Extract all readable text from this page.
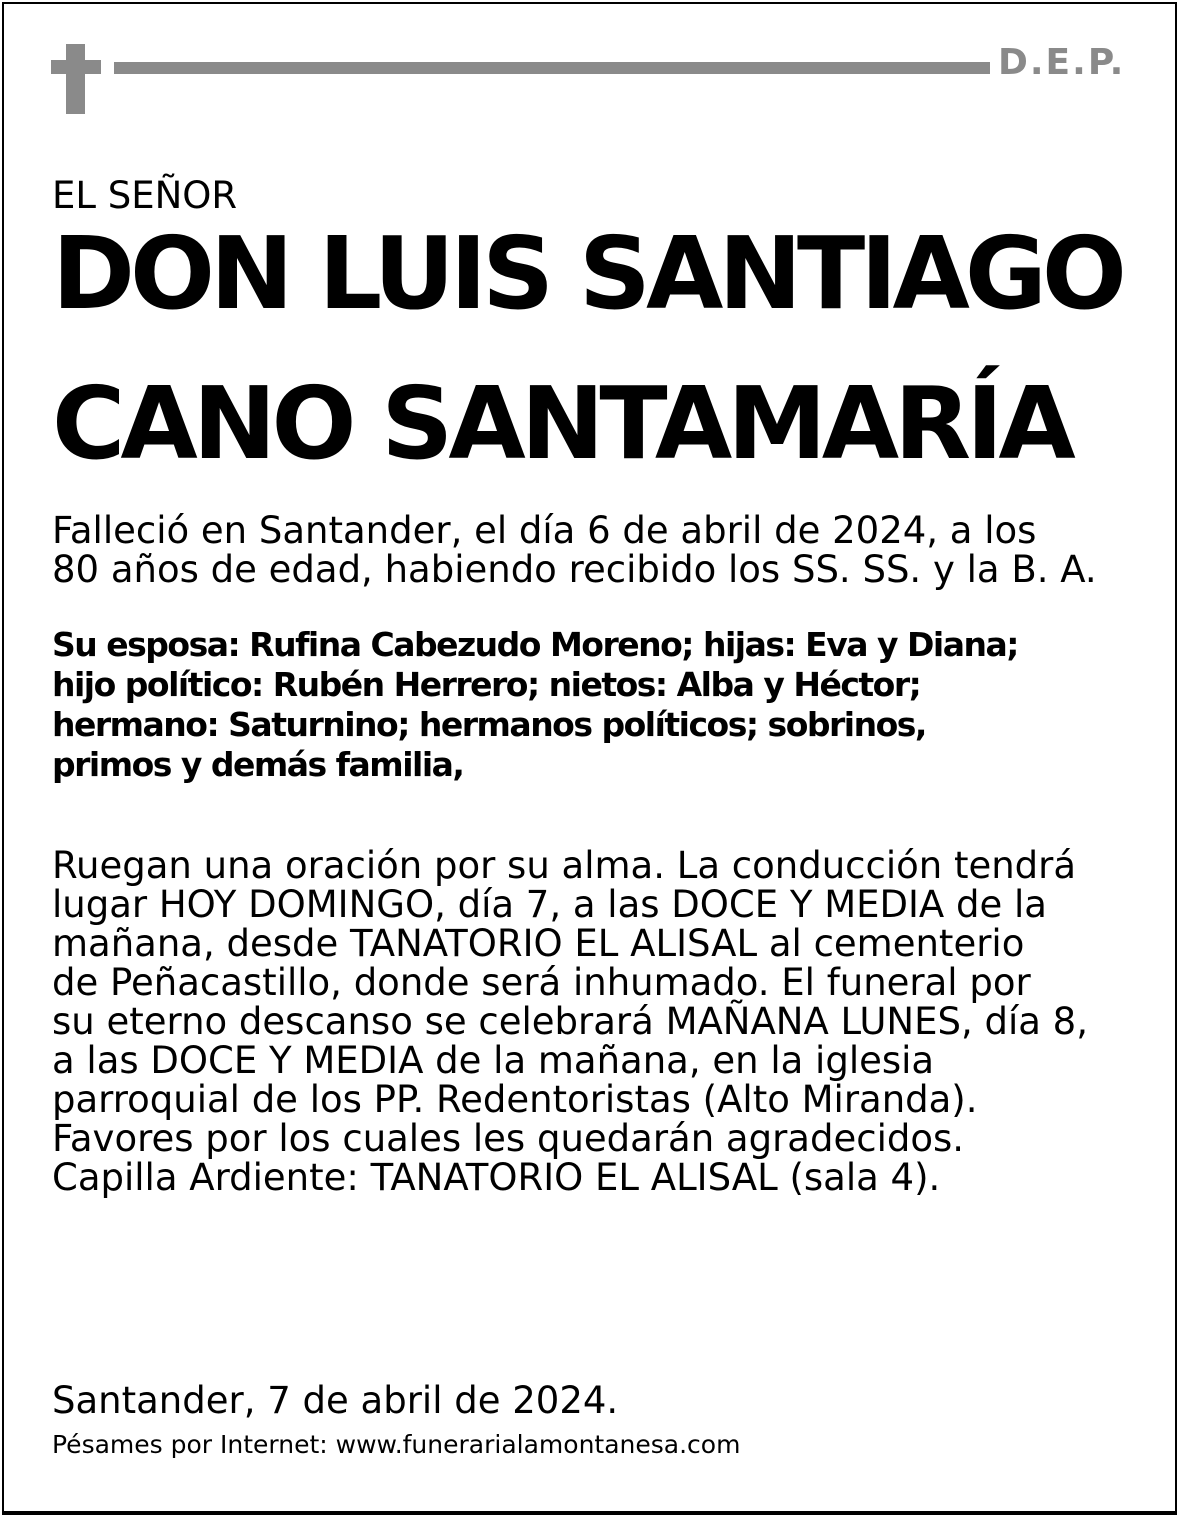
D.E.P.
EL SEÑOR
DON LUIS SANTIAGO
CANO SANTAMARÍA
Falleció en Santander, el día 6 de abril de 2024, a los
80 años de edad, habiendo recibido los SS. SS. y la B. A.
Su esposa: Rufina Cabezudo Moreno; hijas: Eva y Diana;
hijo político: Rubén Herrero; nietos: Alba y Héctor;
hermano: Saturnino; hermanos políticos; sobrinos,
primos y demás familia,
Ruegan una oración por su alma. La conducción tendrá
lugar HOY DOMINGO, día 7, a las DOCE Y MEDIA de la
mañana, desde TANATORIO EL ALISAL al cementerio
de Peñacastillo, donde será inhumado. El funeral por
su eterno descanso se celebrará MAÑANA LUNES, día 8,
a las DOCE Y MEDIA de la mañana, en la iglesia
parroquial de los PP. Redentoristas (Alto Miranda).
Favores por los cuales les quedarán agradecidos.
Capilla Ardiente: TANATORIO EL ALISAL (sala 4).
Santander, 7 de abril de 2024.
Pésames por Internet: www.funerarialamontanesa.com
